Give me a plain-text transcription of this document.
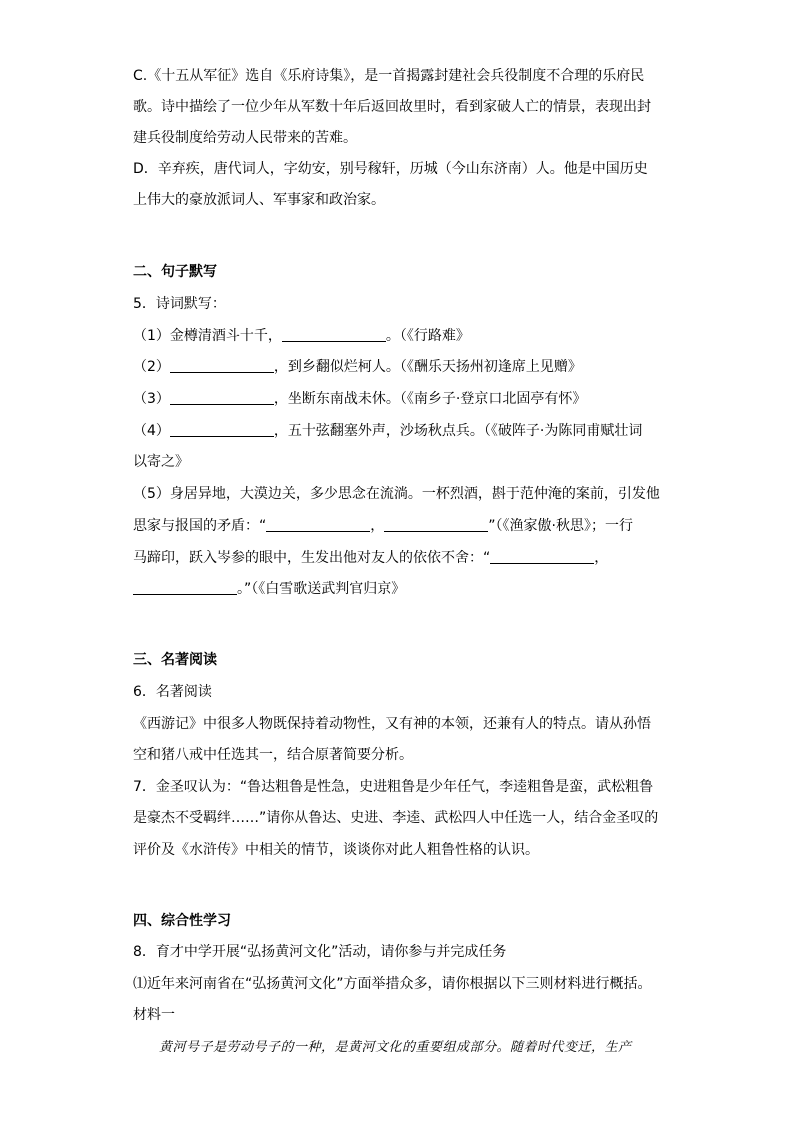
C.《十五从军征》选自《乐府诗集》，是一首揭露封建社会兵役制度不合理的乐府民
歌。诗中描绘了一位少年从军数十年后返回故里时，看到家破人亡的情景，表现出封
建兵役制度给劳动人民带来的苦难。
D．辛弃疾，唐代词人，字幼安，别号稼轩，历城（今山东济南）人。他是中国历史
上伟大的豪放派词人、军事家和政治家。
二、句子默写
5．诗词默写：
（1）金樽清酒斗十千，	。（《行路难》
（2）	，到乡翻似烂柯人。（《酬乐天扬州初逢席上见赠》
（3）	，坐断东南战未休。（《南乡子·登京口北固亭有怀》
（4）	，五十弦翻塞外声，沙场秋点兵。（《破阵子·为陈同甫赋壮词
以寄之》
（5）身居异地，大漠边关，多少思念在流淌。一杯烈酒，斟于范仲淹的案前，引发他
思家与报国的矛盾：“	，	”（《渔家傲·秋思》；一行
马蹄印，跃入岑参的眼中，生发出他对友人的依依不舍：“	，
。”（《白雪歌送武判官归京》
三、名著阅读
6．名著阅读
《西游记》中很多人物既保持着动物性，又有神的本领，还兼有人的特点。请从孙悟
空和猪八戒中任选其一，结合原著简要分析。
7．金圣叹认为：“鲁达粗鲁是性急，史进粗鲁是少年任气，李逵粗鲁是蛮，武松粗鲁
是豪杰不受羁绊……”请你从鲁达、史进、李逵、武松四人中任选一人，结合金圣叹的
评价及《水浒传》中相关的情节，谈谈你对此人粗鲁性格的认识。
四、综合性学习
8．育才中学开展“弘扬黄河文化”活动，请你参与并完成任务
⑴近年来河南省在“弘扬黄河文化”方面举措众多，请你根据以下三则材料进行概括。
材料一
黄河号子是劳动号子的一种，是黄河文化的重要组成部分。随着时代变迁，生产
